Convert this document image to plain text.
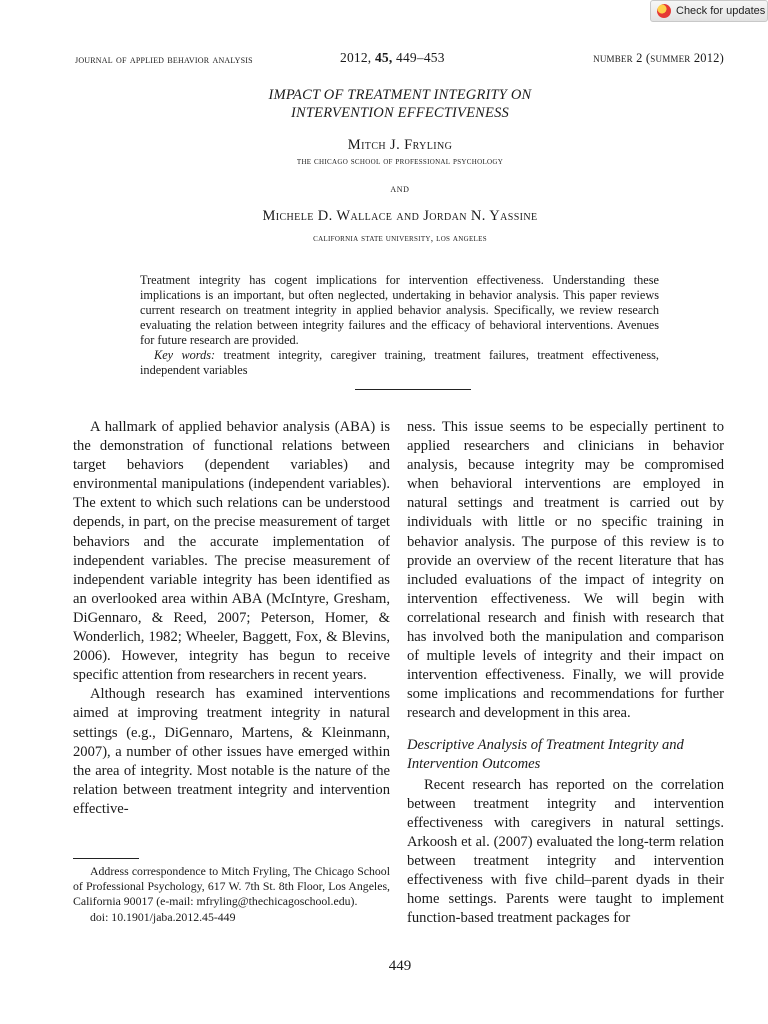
Check for updates
journal of applied behavior analysis	2012, 45, 449–453	number 2 (summer 2012)
IMPACT OF TREATMENT INTEGRITY ON
INTERVENTION EFFECTIVENESS
Mitch J. Fryling
the chicago school of professional psychology
and
Michele D. Wallace and Jordan N. Yassine
california state university, los angeles

Treatment integrity has cogent implications for intervention effectiveness. Understanding these implications is an important, but often neglected, undertaking in behavior analysis. This paper reviews current research on treatment integrity in applied behavior analysis. Specifically, we review research evaluating the relation between integrity failures and the efficacy of behavioral interventions. Avenues for future research are provided.

Key words: treatment integrity, caregiver training, treatment failures, treatment effectiveness, independent variables

A hallmark of applied behavior analysis (ABA) is the demonstration of functional relations between target behaviors (dependent variables) and environmental manipulations (independent variables). The extent to which such relations can be understood depends, in part, on the precise measurement of target behaviors and the accurate implementation of independent variables. The precise measurement of independent variable integrity has been identified as an overlooked area within ABA (McIntyre, Gresham, DiGennaro, & Reed, 2007; Peterson, Homer, & Wonderlich, 1982; Wheeler, Baggett, Fox, & Blevins, 2006). However, integrity has begun to receive specific attention from researchers in recent years.

Although research has examined interventions aimed at improving treatment integrity in natural settings (e.g., DiGennaro, Martens, & Kleinmann, 2007), a number of other issues have emerged within the area of integrity. Most notable is the nature of the relation between treatment integrity and intervention effective-

ness. This issue seems to be especially pertinent to applied researchers and clinicians in behavior analysis, because integrity may be compromised when behavioral interventions are employed in natural settings and treatment is carried out by individuals with little or no specific training in behavior analysis. The purpose of this review is to provide an overview of the recent literature that has included evaluations of the impact of integrity on intervention effectiveness. We will begin with correlational research and finish with research that has involved both the manipulation and comparison of multiple levels of integrity and their impact on intervention effectiveness. Finally, we will provide some implications and recommendations for further research and development in this area.

Descriptive Analysis of Treatment Integrity and Intervention Outcomes

Recent research has reported on the correlation between treatment integrity and intervention effectiveness with caregivers in natural settings. Arkoosh et al. (2007) evaluated the long-term relation between treatment integrity and intervention effectiveness with five child–parent dyads in their home settings. Parents were taught to implement function-based treatment packages for

Address correspondence to Mitch Fryling, The Chicago School of Professional Psychology, 617 W. 7th St. 8th Floor, Los Angeles, California 90017 (e-mail: mfryling@thechicagoschool.edu).

doi: 10.1901/jaba.2012.45-449

449
